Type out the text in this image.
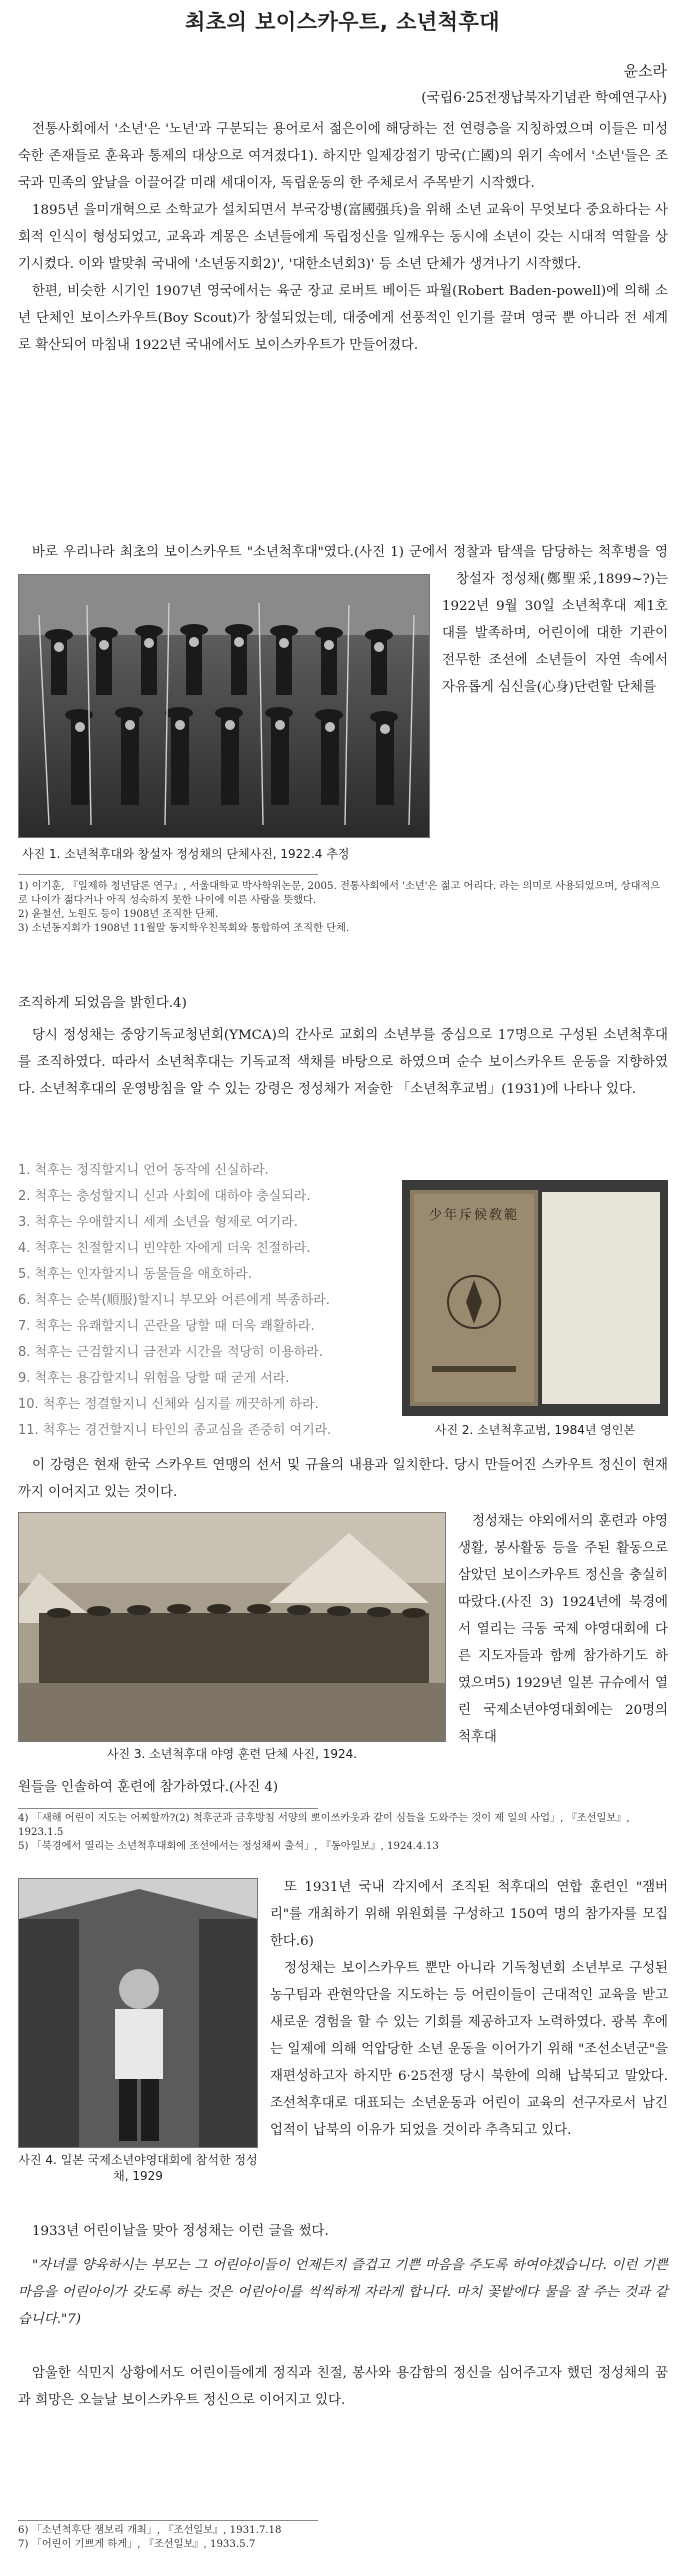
최초의 보이스카우트, 소년척후대
윤소라
(국립6·25전쟁납북자기념관 학예연구사)

전통사회에서 '소년'은 '노년'과 구분되는 용어로서 젊은이에 해당하는 전 연령층을 지칭하였으며 이들은 미성숙한 존재들로 훈육과 통제의 대상으로 여겨졌다1). 하지만 일제강점기 망국(亡國)의 위기 속에서 '소년'들은 조국과 민족의 앞날을 이끌어갈 미래 세대이자, 독립운동의 한 주체로서 주목받기 시작했다.

1895년 을미개혁으로 소학교가 설치되면서 부국강병(富國强兵)을 위해 소년 교육이 무엇보다 중요하다는 사회적 인식이 형성되었고, 교육과 계몽은 소년들에게 독립정신을 일깨우는 동시에 소년이 갖는 시대적 역할을 상기시켰다. 이와 발맞춰 국내에 '소년동지회2)', '대한소년회3)' 등 소년 단체가 생겨나기 시작했다.

한편, 비슷한 시기인 1907년 영국에서는 육군 장교 로버트 베이든 파월(Robert Baden-powell)에 의해 소년 단체인 보이스카우트(Boy Scout)가 창설되었는데, 대중에게 선풍적인 인기를 끌며 영국 뿐 아니라 전 세계로 확산되어 마침내 1922년 국내에서도 보이스카우트가 만들어졌다.

바로 우리나라 최초의 보이스카우트 "소년척후대"였다.(사진 1) 군에서 정찰과 탐색을 담당하는 척후병을 영

창설자 정성채(鄭聖采,1899~?)는 1922년 9월 30일 소년척후대 제1호대를 발족하며, 어린이에 대한 기관이 전무한 조선에 소년들이 자연 속에서 자유롭게 심신을(心身)단련할 단체를

사진 1. 소년척후대와 창설자 정성채의 단체사진, 1922.4 추정
1) 이기훈, 『일제하 청년담론 연구』, 서울대학교 박사학위논문, 2005. 전통사회에서 '소년'은 젊고 어리다. 라는 의미로 사용되었으며, 상대적으로 나이가 젊다거나 아직 성숙하지 못한 나이에 이른 사람을 뜻했다.
2) 윤철선, 노원도 등이 1908년 조직한 단체.
3) 소년동지회가 1908년 11월말 동지학우친목회와 통합하여 조직한 단체.

조직하게 되었음을 밝힌다.4)

당시 정성채는 중앙기독교청년회(YMCA)의 간사로 교회의 소년부를 중심으로 17명으로 구성된 소년척후대를 조직하였다. 따라서 소년척후대는 기독교적 색채를 바탕으로 하였으며 순수 보이스카우트 운동을 지향하였다. 소년척후대의 운영방침을 알 수 있는 강령은 정성채가 저술한 「소년척후교범」(1931)에 나타나 있다.

1. 척후는 정직할지니 언어 동작에 신실하라.
2. 척후는 충성할지니 신과 사회에 대하야 충실되라.
3. 척후는 우애할지니 세계 소년을 형제로 여기라.
4. 척후는 친절할지니 빈약한 자에게 더욱 친절하라.
5. 척후는 인자할지니 동물들을 애호하라.
6. 척후는 순복(順服)할지니 부모와 어른에게 복종하라.
7. 척후는 유쾌할지니 곤란을 당할 때 더욱 쾌활하라.
8. 척후는 근검할지니 금전과 시간을 적당히 이용하라.
9. 척후는 용감할지니 위험을 당할 때 굳게 서라.
10. 척후는 정결할지니 신체와 심지를 깨끗하게 하라.
11. 척후는 경건할지니 타인의 종교심을 존중히 여기라.
少年斥候敎範
사진 2. 소년척후교범, 1984년 영인본

이 강령은 현재 한국 스카우트 연맹의 선서 및 규율의 내용과 일치한다. 당시 만들어진 스카우트 정신이 현재까지 이어지고 있는 것이다.

사진 3. 소년척후대 야영 훈련 단체 사진, 1924.

정성채는 야외에서의 훈련과 야영생활, 봉사활동 등을 주된 활동으로 삼았던 보이스카우트 정신을 충실히 따랐다.(사진 3) 1924년에 북경에서 열리는 극동 국제 야영대회에 다른 지도자들과 함께 참가하기도 하였으며5) 1929년 일본 규슈에서 열린 국제소년야영대회에는 20명의 척후대

원들을 인솔하여 훈련에 참가하였다.(사진 4)

4) 「새해 어린이 지도는 어찌할까?(2) 척후군과 금후방침 서양의 뽀이쓰카웃과 같이 심들을 도와주는 것이 제 일의 사업」, 『조선일보』, 1923.1.5
5) 「북경에서 열리는 소년척후대회에 조선에서는 정성채씨 출석」, 『동아일보』, 1924.4.13
사진 4. 일본 국제소년야영대회에 참석한 정성채, 1929

또 1931년 국내 각지에서 조직된 척후대의 연합 훈련인 "잼버리"를 개최하기 위해 위원회를 구성하고 150여 명의 참가자를 모집한다.6)

정성채는 보이스카우트 뿐만 아니라 기독청년회 소년부로 구성된 농구팀과 관현악단을 지도하는 등 어린이들이 근대적인 교육을 받고 새로운 경험을 할 수 있는 기회를 제공하고자 노력하였다. 광복 후에는 일제에 의해 억압당한 소년 운동을 이어가기 위해 "조선소년군"을 재편성하고자 하지만 6·25전쟁 당시 북한에 의해 납북되고 말았다. 조선척후대로 대표되는 소년운동과 어린이 교육의 선구자로서 남긴 업적이 납북의 이유가 되었을 것이라 추측되고 있다.

1933년 어린이날을 맞아 정성채는 이런 글을 썼다.

"자녀를 양육하시는 부모는 그 어린아이들이 언제든지 즐겁고 기쁜 마음을 주도록 하여야겠습니다. 이런 기쁜 마음을 어린아이가 갖도록 하는 것은 어린아이를 씩씩하게 자라게 합니다. 마치 꽃밭에다 물을 잘 주는 것과 같습니다."7)

암울한 식민지 상황에서도 어린이들에게 정직과 친절, 봉사와 용감함의 정신을 심어주고자 했던 정성채의 꿈과 희망은 오늘날 보이스카우트 정신으로 이어지고 있다.

6) 「소년척후단 잼보리 개최」, 『조선일보』, 1931.7.18
7) 「어린이 기쁘게 하게」, 『조선일보』, 1933.5.7
